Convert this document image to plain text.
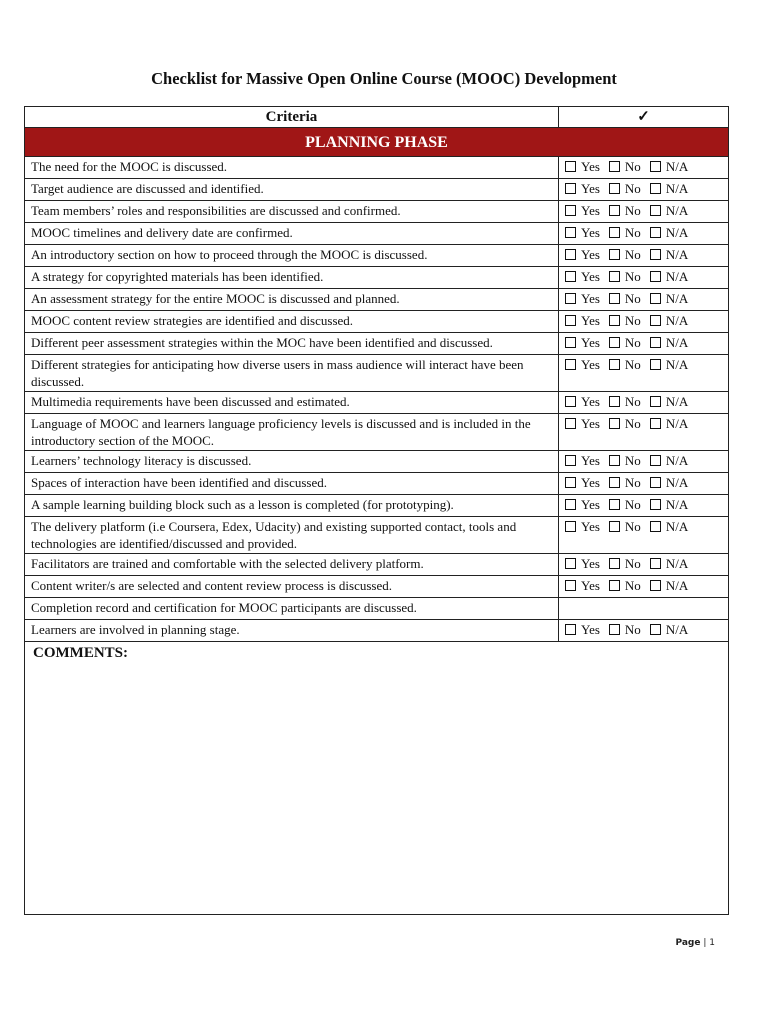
Checklist for Massive Open Online Course (MOOC) Development
Criteria	✓
PLANNING PHASE	
The need for the MOOC is discussed.	Yes No N/A
Target audience are discussed and identified.	Yes No N/A
Team members’ roles and responsibilities are discussed and confirmed.	Yes No N/A
MOOC timelines and delivery date are confirmed.	Yes No N/A
An introductory section on how to proceed through the MOOC is discussed.	Yes No N/A
A strategy for copyrighted materials has been identified.	Yes No N/A
An assessment strategy for the entire MOOC is discussed and planned.	Yes No N/A
MOOC content review strategies are identified and discussed.	Yes No N/A
Different peer assessment strategies within the MOC have been identified and discussed.	Yes No N/A
Different strategies for anticipating how diverse users in mass audience will interact have been discussed.	Yes No N/A
Multimedia requirements have been discussed and estimated.	Yes No N/A
Language of MOOC and learners language proficiency levels is discussed and is included in the introductory section of the MOOC.	Yes No N/A
Learners’ technology literacy is discussed.	Yes No N/A
Spaces of interaction have been identified and discussed.	Yes No N/A
A sample learning building block such as a lesson is completed (for prototyping).	Yes No N/A
The delivery platform (i.e Coursera, Edex, Udacity) and existing supported contact, tools and technologies are identified/discussed and provided.	Yes No N/A
Facilitators are trained and comfortable with the selected delivery platform.	Yes No N/A
Content writer/s are selected and content review process is discussed.	Yes No N/A
Completion record and certification for MOOC participants are discussed.	
Learners are involved in planning stage.	Yes No N/A
COMMENTS:	
Page | 1
